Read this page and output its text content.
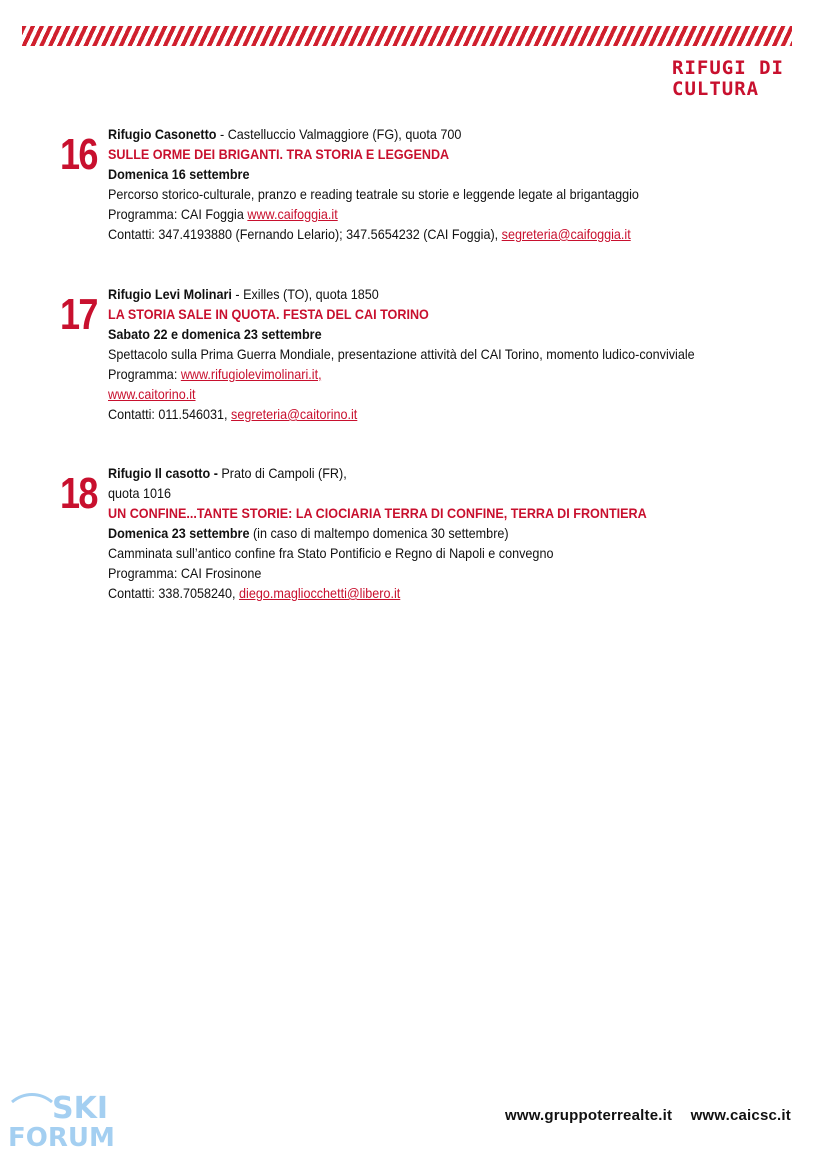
RIFUGI DI
CULTURA
16 Rifugio Casonetto - Castelluccio Valmaggiore (FG), quota 700
SULLE ORME DEI BRIGANTI. TRA STORIA E LEGGENDA
Domenica 16 settembre
Percorso storico-culturale, pranzo e reading teatrale su storie e leggende legate al brigantaggio
Programma: CAI Foggia www.caifoggia.it
Contatti: 347.4193880 (Fernando Lelario); 347.5654232 (CAI Foggia), segreteria@caifoggia.it
17 Rifugio Levi Molinari - Exilles (TO), quota 1850
LA STORIA SALE IN QUOTA. FESTA DEL CAI TORINO
Sabato 22 e domenica 23 settembre
Spettacolo sulla Prima Guerra Mondiale, presentazione attività del CAI Torino, momento ludico-conviviale
Programma: www.rifugiolevimolinari.it,
www.caitorino.it
Contatti: 011.546031, segreteria@caitorino.it
18 Rifugio Il casotto - Prato di Campoli (FR),
quota 1016
UN CONFINE...TANTE STORIE: LA CIOCIARIA TERRA DI CONFINE, TERRA DI FRONTIERA
Domenica 23 settembre (in caso di maltempo domenica 30 settembre)
Camminata sull’antico confine fra Stato Pontificio e Regno di Napoli e convegno
Programma: CAI Frosinone
Contatti: 338.7058240, diego.magliocchetti@libero.it
www.gruppoterrealte.it www.caicsc.it
SKI
FORUM
